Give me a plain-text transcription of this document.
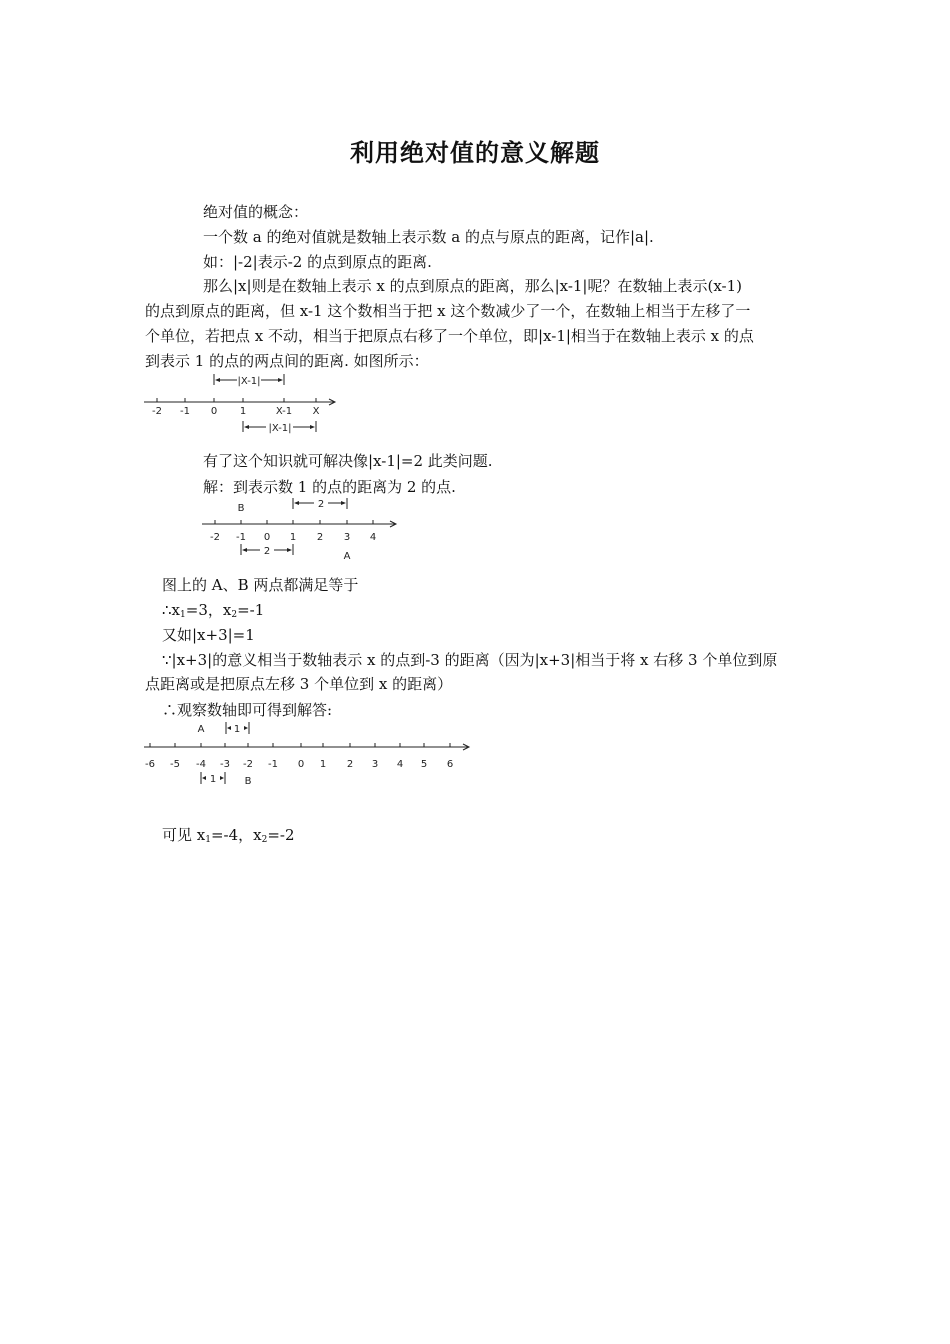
利用绝对值的意义解题
绝对值的概念：
一个数 a 的绝对值就是数轴上表示数 a 的点与原点的距离，记作|a|.
如：|-2|表示-2 的点到原点的距离.
那么|x|则是在数轴上表示 x 的点到原点的距离，那么|x-1|呢？在数轴上表示(x-1)
的点到原点的距离，但 x-1 这个数相当于把 x 这个数减少了一个，在数轴上相当于左移了一
个单位，若把点 x 不动，相当于把原点右移了一个单位，即|x-1|相当于在数轴上表示 x 的点
到表示 1 的点的两点间的距离. 如图所示：
-2 -1 0 1	X-1 X
|X-1|
|X-1|
有了这个知识就可解决像|x-1|=2 此类问题.
解：到表示数 1 的点的距离为 2 的点.
B	2
-2 -1 0 1 2 3 4
2	A
图上的 A、B 两点都满足等于
$\therefore x_1=3$，$x_2=-1$
又如|x+3|=1
∵|x+3|的意义相当于数轴表示 x 的点到-3 的距离（因为|x+3|相当于将 x 右移 3 个单位到原
点距离或是把原点左移 3 个单位到 x 的距离）
∴观察数轴即可得到解答:
A	1
-6 -5 -4 -3 -2 -1 0 1 2 3 4 5 6
1	B
可见 $x_1=-4$，$x_2=-2$
